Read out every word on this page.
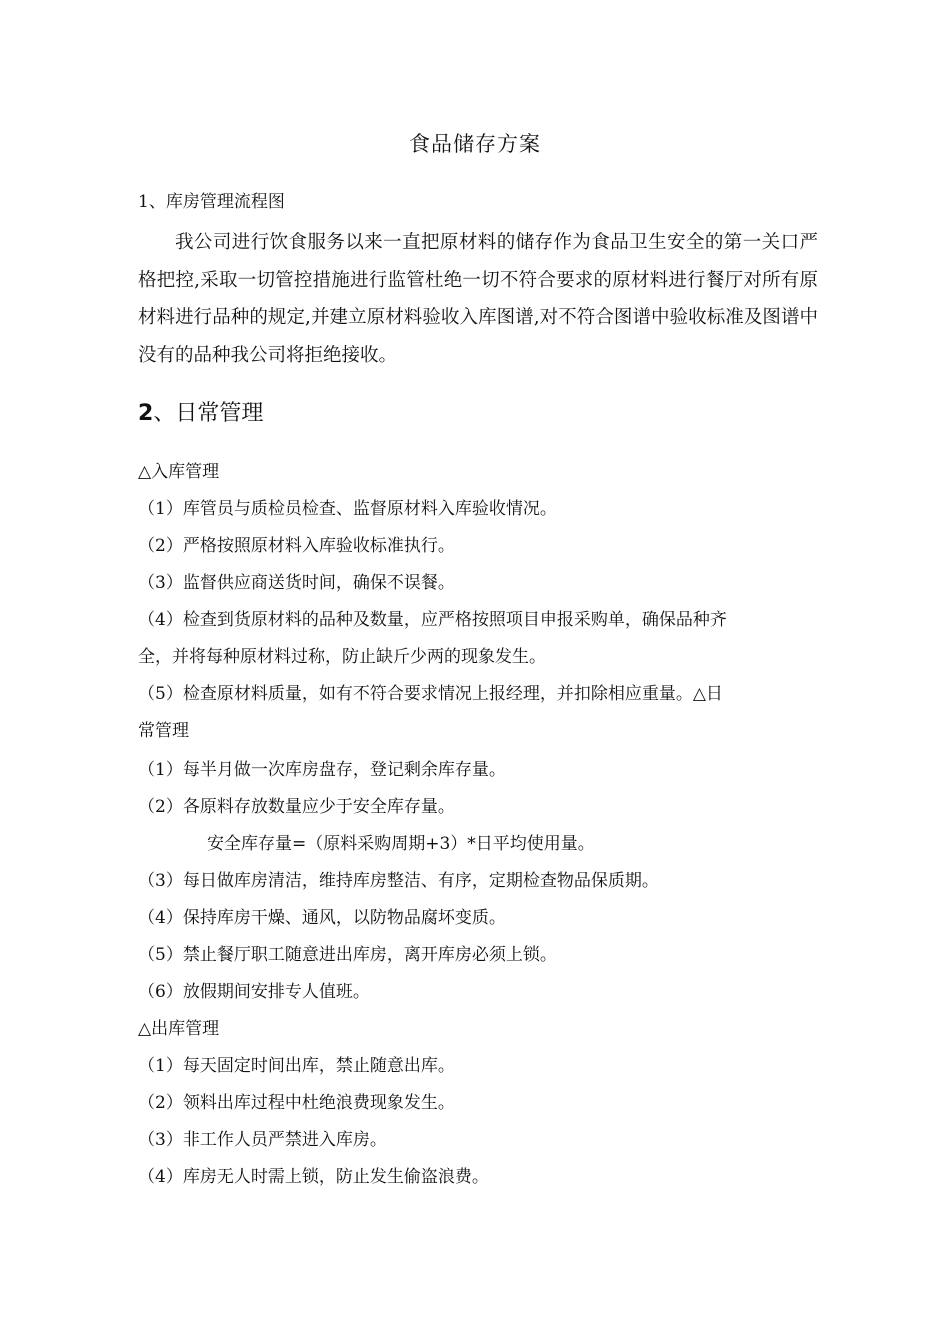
食品储存方案
1、库房管理流程图
我公司进行饮食服务以来一直把原材料的储存作为食品卫生安全的第一关口严格把控,采取一切管控措施进行监管杜绝一切不符合要求的原材料进行餐厅对所有原材料进行品种的规定,并建立原材料验收入库图谱,对不符合图谱中验收标准及图谱中没有的品种我公司将拒绝接收。
2、日常管理
△入库管理
（1）库管员与质检员检查、监督原材料入库验收情况。
（2）严格按照原材料入库验收标准执行。
（3）监督供应商送货时间，确保不误餐。
（4）检查到货原材料的品种及数量，应严格按照项目申报采购单，确保品种齐
全，并将每种原材料过称，防止缺斤少两的现象发生。
（5）检查原材料质量，如有不符合要求情况上报经理，并扣除相应重量。△日
常管理
（1）每半月做一次库房盘存，登记剩余库存量。
（2）各原料存放数量应少于安全库存量。
安全库存量=（原料采购周期+3）*日平均使用量。
（3）每日做库房清洁，维持库房整洁、有序，定期检查物品保质期。
（4）保持库房干燥、通风，以防物品腐坏变质。
（5）禁止餐厅职工随意进出库房，离开库房必须上锁。
（6）放假期间安排专人值班。
△出库管理
（1）每天固定时间出库，禁止随意出库。
（2）领料出库过程中杜绝浪费现象发生。
（3）非工作人员严禁进入库房。
（4）库房无人时需上锁，防止发生偷盗浪费。
